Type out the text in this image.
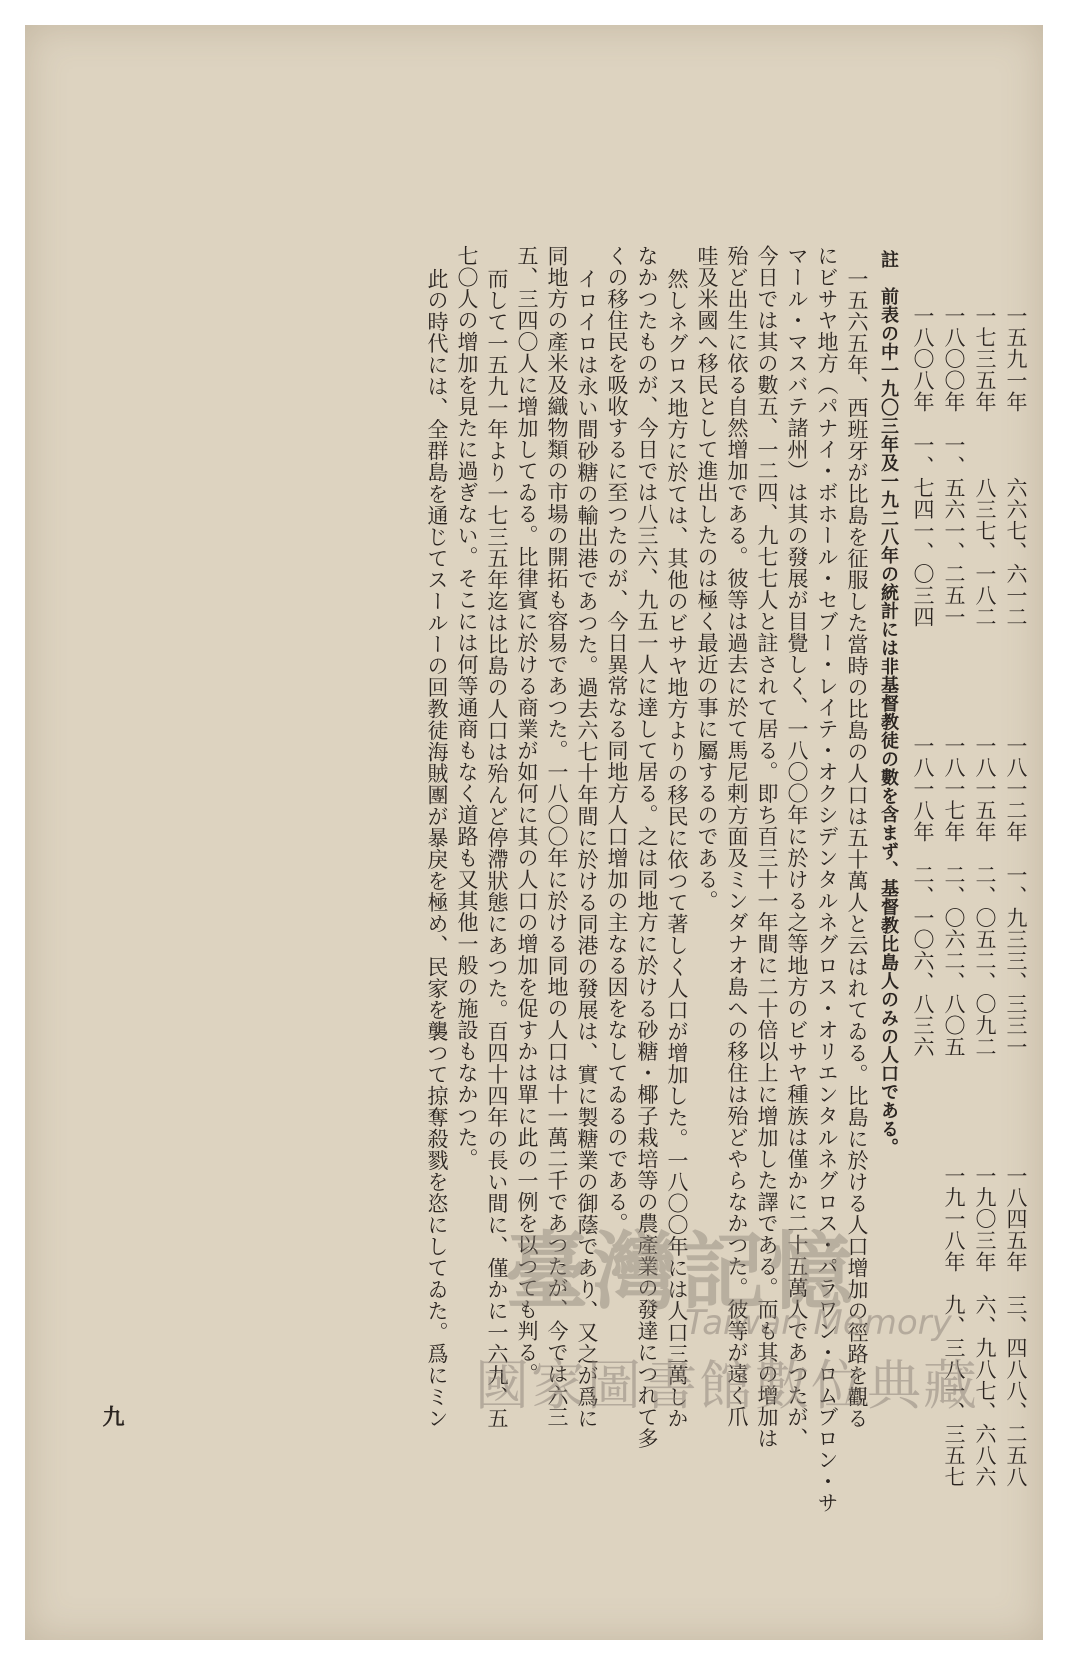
一五九一年　　　六六七、六一二　　　　　一八一二年　一、九三三、三三一　　　　　一八四五年　三、四八八、二五八
一七三五年　　　八三七、一八二　　　　　一八一五年　二、〇五二、〇九二　　　　　一九〇三年　六、九八七、六八六
一八〇〇年　一、五六一、二五一　　　　　一八一七年　二、〇六二、八〇五　　　　　一九一八年　九、三八一、三五七
一八〇八年　一、七四一、〇三四　　　　　一八一八年　二、一〇六、八三六
註　前表の中一九〇三年及一九二八年の統計には非基督教徒の數を含まず、基督教比島人のみの人口である。
一五六五年、西班牙が比島を征服した當時の比島の人口は五十萬人と云はれてゐる。比島に於ける人口增加の徑路を觀る
にビサヤ地方（パナイ・ボホール・セブー・レイテ・オクシデンタルネグロス・オリエンタルネグロス・パラワン・ロムブロン・サ
マール・マスバテ諸州）は其の發展が目覺しく、一八〇〇年に於ける之等地方のビサヤ種族は僅かに二十五萬人であつたが、
今日では其の數五、一二四、九七七人と註されて居る。即ち百三十一年間に二十倍以上に增加した譯である。而も其の增加は
殆ど出生に依る自然增加である。彼等は過去に於て馬尼剌方面及ミンダナオ島への移住は殆どやらなかつた。彼等が遠く爪
哇及米國へ移民として進出したのは極く最近の事に屬するのである。
然しネグロス地方に於ては、其他のビサヤ地方よりの移民に依つて著しく人口が增加した。一八〇〇年には人口三萬しか
なかつたものが、今日では八三六、九五一人に達して居る。之は同地方に於ける砂糖・椰子栽培等の農產業の發達につれて多
くの移住民を吸收するに至つたのが、今日異常なる同地方人口增加の主なる因をなしてゐるのである。
イロイロは永い間砂糖の輸出港であつた。過去六七十年間に於ける同港の發展は、實に製糖業の御蔭であり、又之が爲に
同地方の產米及織物類の市場の開拓も容易であつた。一八〇〇年に於ける同地の人口は十一萬二千であつたが、今では六三
五、三四〇人に增加してゐる。比律賓に於ける商業が如何に其の人口の增加を促すかは單に此の一例を以つても判る。
而して一五九一年より一七三五年迄は比島の人口は殆んど停滯狀態にあつた。百四十四年の長い間に、僅かに一六九、五
七〇人の增加を見たに過ぎない。そこには何等通商もなく道路も又其他一般の施設もなかつた。
此の時代には、全群島を通じてスールーの回教徒海賊團が暴戾を極め、民家を襲つて掠奪殺戮を恣にしてゐた。爲にミン
九
臺灣記憶
Taiwan Memory
國家圖書館數位典藏
